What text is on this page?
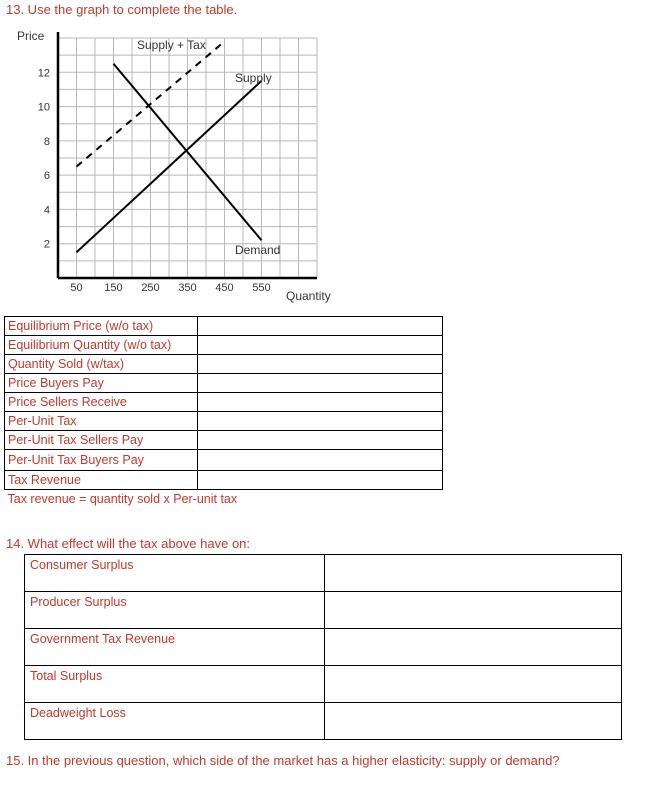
13. Use the graph to complete the table.

2
4
6
8
10
12
50 150 250 350 450 550
Supply + Tax
Supply
Demand
Price
Quantity
Equilibrium Price (w/o tax)	
Equilibrium Quantity (w/o tax)	
Quantity Sold (w/tax)	
Price Buyers Pay	
Price Sellers Receive	
Per-Unit Tax	
Per-Unit Tax Sellers Pay	
Per-Unit Tax Buyers Pay	
Tax Revenue	
Tax revenue = quantity sold x Per-unit tax	

14. What effect will the tax above have on:

Consumer Surplus	
Producer Surplus	
Government Tax Revenue	
Total Surplus	
Deadweight Loss	

15. In the previous question, which side of the market has a higher elasticity: supply or demand?
